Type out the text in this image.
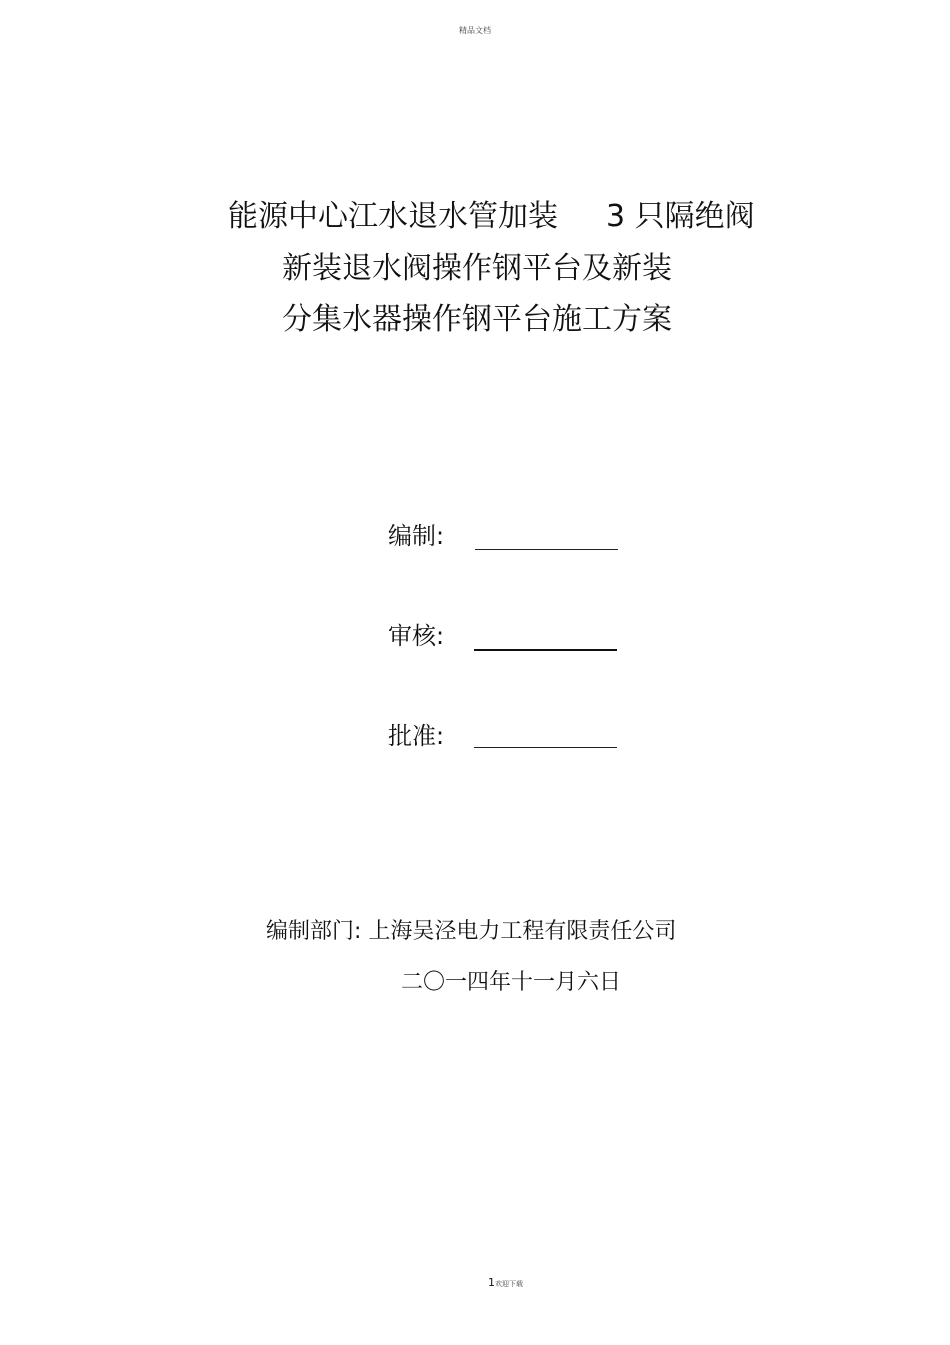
精品文档
能源中心江水退水管加装 3 只隔绝阀
新装退水阀操作钢平台及新装
分集水器操作钢平台施工方案
编制:
审核:
批准:
编制部门: 上海吴泾电力工程有限责任公司
二〇一四年十一月六日
1欢迎下载
